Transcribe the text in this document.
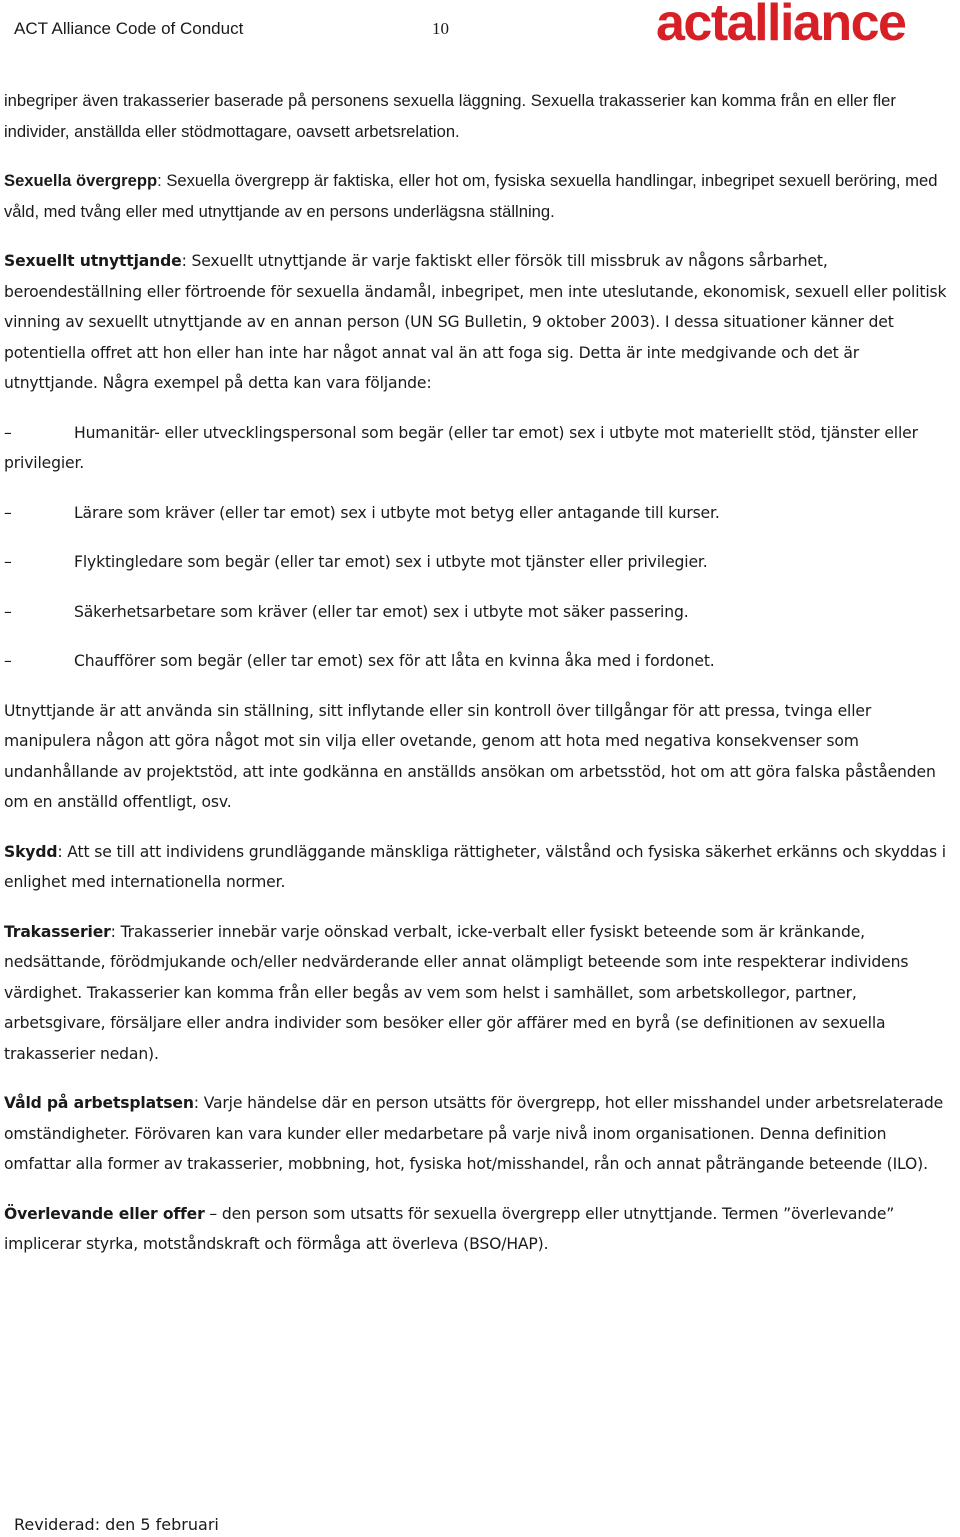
ACT Alliance Code of Conduct	10	actalliance

inbegriper även trakasserier baserade på personens sexuella läggning. Sexuella trakasserier kan komma från en eller fler individer, anställda eller stödmottagare, oavsett arbetsrelation.

Sexuella övergrepp: Sexuella övergrepp är faktiska, eller hot om, fysiska sexuella handlingar, inbegripet sexuell beröring, med våld, med tvång eller med utnyttjande av en persons underlägsna ställning.

Sexuellt utnyttjande: Sexuellt utnyttjande är varje faktiskt eller försök till missbruk av någons sårbarhet, beroendeställning eller förtroende för sexuella ändamål, inbegripet, men inte uteslutande, ekonomisk, sexuell eller politisk vinning av sexuellt utnyttjande av en annan person (UN SG Bulletin, 9 oktober 2003). I dessa situationer känner det potentiella offret att hon eller han inte har något annat val än att foga sig. Detta är inte medgivande och det är utnyttjande. Några exempel på detta kan vara följande:

–	Humanitär- eller utvecklingspersonal som begär (eller tar emot) sex i utbyte mot materiellt stöd, tjänster eller privilegier.

–	Lärare som kräver (eller tar emot) sex i utbyte mot betyg eller antagande till kurser.

–	Flyktingledare som begär (eller tar emot) sex i utbyte mot tjänster eller privilegier.

–	Säkerhetsarbetare som kräver (eller tar emot) sex i utbyte mot säker passering.

–	Chaufförer som begär (eller tar emot) sex för att låta en kvinna åka med i fordonet.

Utnyttjande är att använda sin ställning, sitt inflytande eller sin kontroll över tillgångar för att pressa, tvinga eller manipulera någon att göra något mot sin vilja eller ovetande, genom att hota med negativa konsekvenser som undanhållande av projektstöd, att inte godkänna en anställds ansökan om arbetsstöd, hot om att göra falska påståenden om en anställd offentligt, osv.

Skydd: Att se till att individens grundläggande mänskliga rättigheter, välstånd och fysiska säkerhet erkänns och skyddas i enlighet med internationella normer.

Trakasserier: Trakasserier innebär varje oönskad verbalt, icke-verbalt eller fysiskt beteende som är kränkande, nedsättande, förödmjukande och/eller nedvärderande eller annat olämpligt beteende som inte respekterar individens värdighet. Trakasserier kan komma från eller begås av vem som helst i samhället, som arbetskollegor, partner, arbetsgivare, försäljare eller andra individer som besöker eller gör affärer med en byrå (se definitionen av sexuella trakasserier nedan).

Våld på arbetsplatsen: Varje händelse där en person utsätts för övergrepp, hot eller misshandel under arbetsrelaterade omständigheter. Förövaren kan vara kunder eller medarbetare på varje nivå inom organisationen. Denna definition omfattar alla former av trakasserier, mobbning, hot, fysiska hot/misshandel, rån och annat påträngande beteende (ILO).

Överlevande eller offer – den person som utsatts för sexuella övergrepp eller utnyttjande. Termen ”överlevande” implicerar styrka, motståndskraft och förmåga att överleva (BSO/HAP).

Reviderad: den 5 februari
